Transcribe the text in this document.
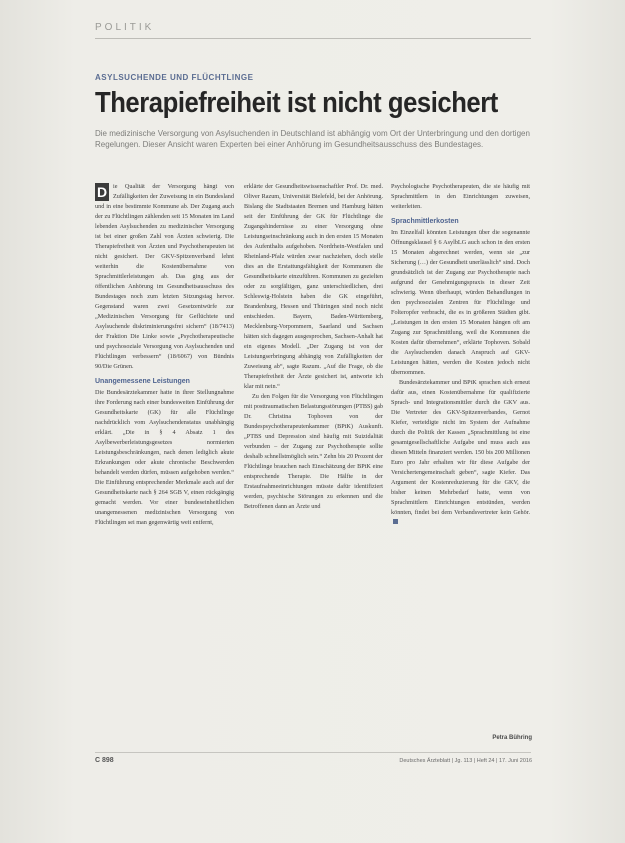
POLITIK
ASYLSUCHENDE UND FLÜCHTLINGE
Therapiefreiheit ist nicht gesichert
Die medizinische Versorgung von Asylsuchenden in Deutschland ist abhängig vom Ort der Unterbringung und den dortigen Regelungen. Dieser Ansicht waren Experten bei einer Anhörung im Gesundheitsausschuss des Bundestages.

D ie Qualität der Versorgung hängt von Zufälligkeiten der Zuweisung in ein Bundesland und in eine bestimmte Kommune ab. Der Zugang auch der zu Flüchtlingen zählenden seit 15 Monaten im Land lebenden Asylsuchenden zu medizinischer Versorgung ist bei einer großen Zahl von Ärzten schwierig. Die Therapiefreiheit von Ärzten und Psychotherapeuten ist nicht gesichert. Der GKV-Spitzenverband lehnt weiterhin die Kostenübernahme von Sprachmittlerleistungen ab. Das ging aus der öffentlichen Anhörung im Gesundheitsausschuss des Bundestages noch zum letzten Sitzungstag hervor. Gegenstand waren zwei Gesetzentwürfe zur „Medizinischen Versorgung für Geflüchtete und Asylsuchende diskriminierungsfrei sichern“ (18/7413) der Fraktion Die Linke sowie „Psychotherapeutische und psychosoziale Versorgung von Asylsuchenden und Flüchtlingen verbessern“ (18/6067) von Bündnis 90/Die Grünen.

Unangemessene Leistungen

Die Bundesärztekammer hatte in ihrer Stellungnahme ihre Forderung nach einer bundesweiten Einführung der Gesundheitskarte (GK) für alle Flüchtlinge nachdrücklich vom Asylsuchendenstatus unabhängig erklärt. „Die in § 4 Absatz 1 des Asylbewerberleistungsgesetzes normierten Leistungsbeschränkungen, nach denen lediglich akute Erkrankungen oder akute chronische Beschwerden behandelt werden dürfen, müssen aufgehoben werden.“ Die Einführung entsprechender Merkmale auch auf der Gesundheitskarte nach § 264 SGB V, einen rückgängig gemacht werden. Vor einer bundeseinheitlichen unangemessenen medizinischen Versorgung von Flüchtlingen sei man gegenwärtig weit entfernt,

erklärte der Gesundheitswissenschaftler Prof. Dr. med. Oliver Razum, Universität Bielefeld, bei der Anhörung. Bislang die Stadtstaaten Bremen und Hamburg hätten seit der Einführung der GK für Flüchtlinge die Zugangshindernisse zu einer Versorgung ohne Leistungseinschränkung auch in den ersten 15 Monaten des Aufenthalts aufgehoben. Nordrhein-Westfalen und Rheinland-Pfalz würden zwar nachziehen, doch stelle dies an die Erstattungsfähigkeit der Kommunen die Gesundheitskarte einzuführen. Kommunen zu gezielten oder zu sorgfältigen, ganz unterschiedlichen, drei Schleswig-Holstein haben die GK eingeführt, Brandenburg, Hessen und Thüringen sind noch nicht entschieden. Bayern, Baden-Württemberg, Mecklenburg-Vorpommern, Saarland und Sachsen hätten sich dagegen ausgesprochen, Sachsen-Anhalt hat ein eigenes Modell. „Der Zugang ist von der Leistungserbringung abhängig von Zufälligkeiten der Zuweisung ab“, sagte Razum. „Auf die Frage, ob die Therapiefreiheit der Ärzte gesichert ist, antworte ich klar mit nein.“

Zu den Folgen für die Versorgung von Flüchtlingen mit posttraumatischen Belastungsstörungen (PTBS) gab Dr. Christina Tophoven von der Bundespsychotherapeutenkammer (BPtK) Auskunft. „PTBS und Depression sind häufig mit Suizidalität verbunden – der Zugang zur Psychotherapie sollte deshalb schnellstmöglich sein.“ Zehn bis 20 Prozent der Flüchtlinge brauchen nach Einschätzung der BPtK eine entsprechende Therapie. Die Hälfte in der Erstaufnahmeeinrichtungen müsste dafür identifiziert werden, psychische Störungen zu erkennen und die Betroffenen dann an Ärzte und

Psychologische Psychotherapeuten, die sie häufig mit Sprachmittlern in den Einrichtungen zuweisen, weiterleiten.

Sprachmittlerkosten

Im Einzelfall könnten Leistungen über die sogenannte Öffnungsklausel § 6 AsylbLG auch schon in den ersten 15 Monaten abgerechnet werden, wenn sie „zur Sicherung (…) der Gesundheit unerlässlich“ sind. Doch grundsätzlich ist der Zugang zur Psychotherapie nach aufgrund der Genehmigungspraxis in dieser Zeit schwierig. Wenn überhaupt, würden Behandlungen in den psychosozialen Zentren für Flüchtlinge und Folteropfer verbracht, die es in größeren Städten gibt. „Leistungen in den ersten 15 Monaten hängen oft am Zugang zur Sprachmittlung, weil die Kommunen die Kosten dafür übernehmen“, erklärte Tophoven. Sobald die Asylsuchenden danach Anspruch auf GKV-Leistungen hätten, werden die Kosten jedoch nicht übernommen.

Bundesärztekammer und BPtK sprachen sich erneut dafür aus, einen Kostenübernahme für qualifizierte Sprach- und Integrationsmittler durch die GKV aus. Die Vertreter des GKV-Spitzenverbandes, Gernot Kiefer, verteidigte nicht im System der Aufnahme durch die Politik der Kassen „Sprachmittlung ist eine gesamtgesellschaftliche Aufgabe und muss auch aus diesen Mitteln finanziert werden. 150 bis 200 Millionen Euro pro Jahr erhalten wir für diese Aufgabe der Versichertengemeinschaft geben“, sagte Kiefer. Das Argument der Kostenreduzierung für die GKV, die bisher keinen Mehrbedarf hatte, wenn von Sprachmittlern Einrichtungen entstünden, werden könnten, findet bei dem Verbandsvertreter kein Gehör.

Petra Bühring
C 898	Deutsches Ärzteblatt | Jg. 113 | Heft 24 | 17. Juni 2016
